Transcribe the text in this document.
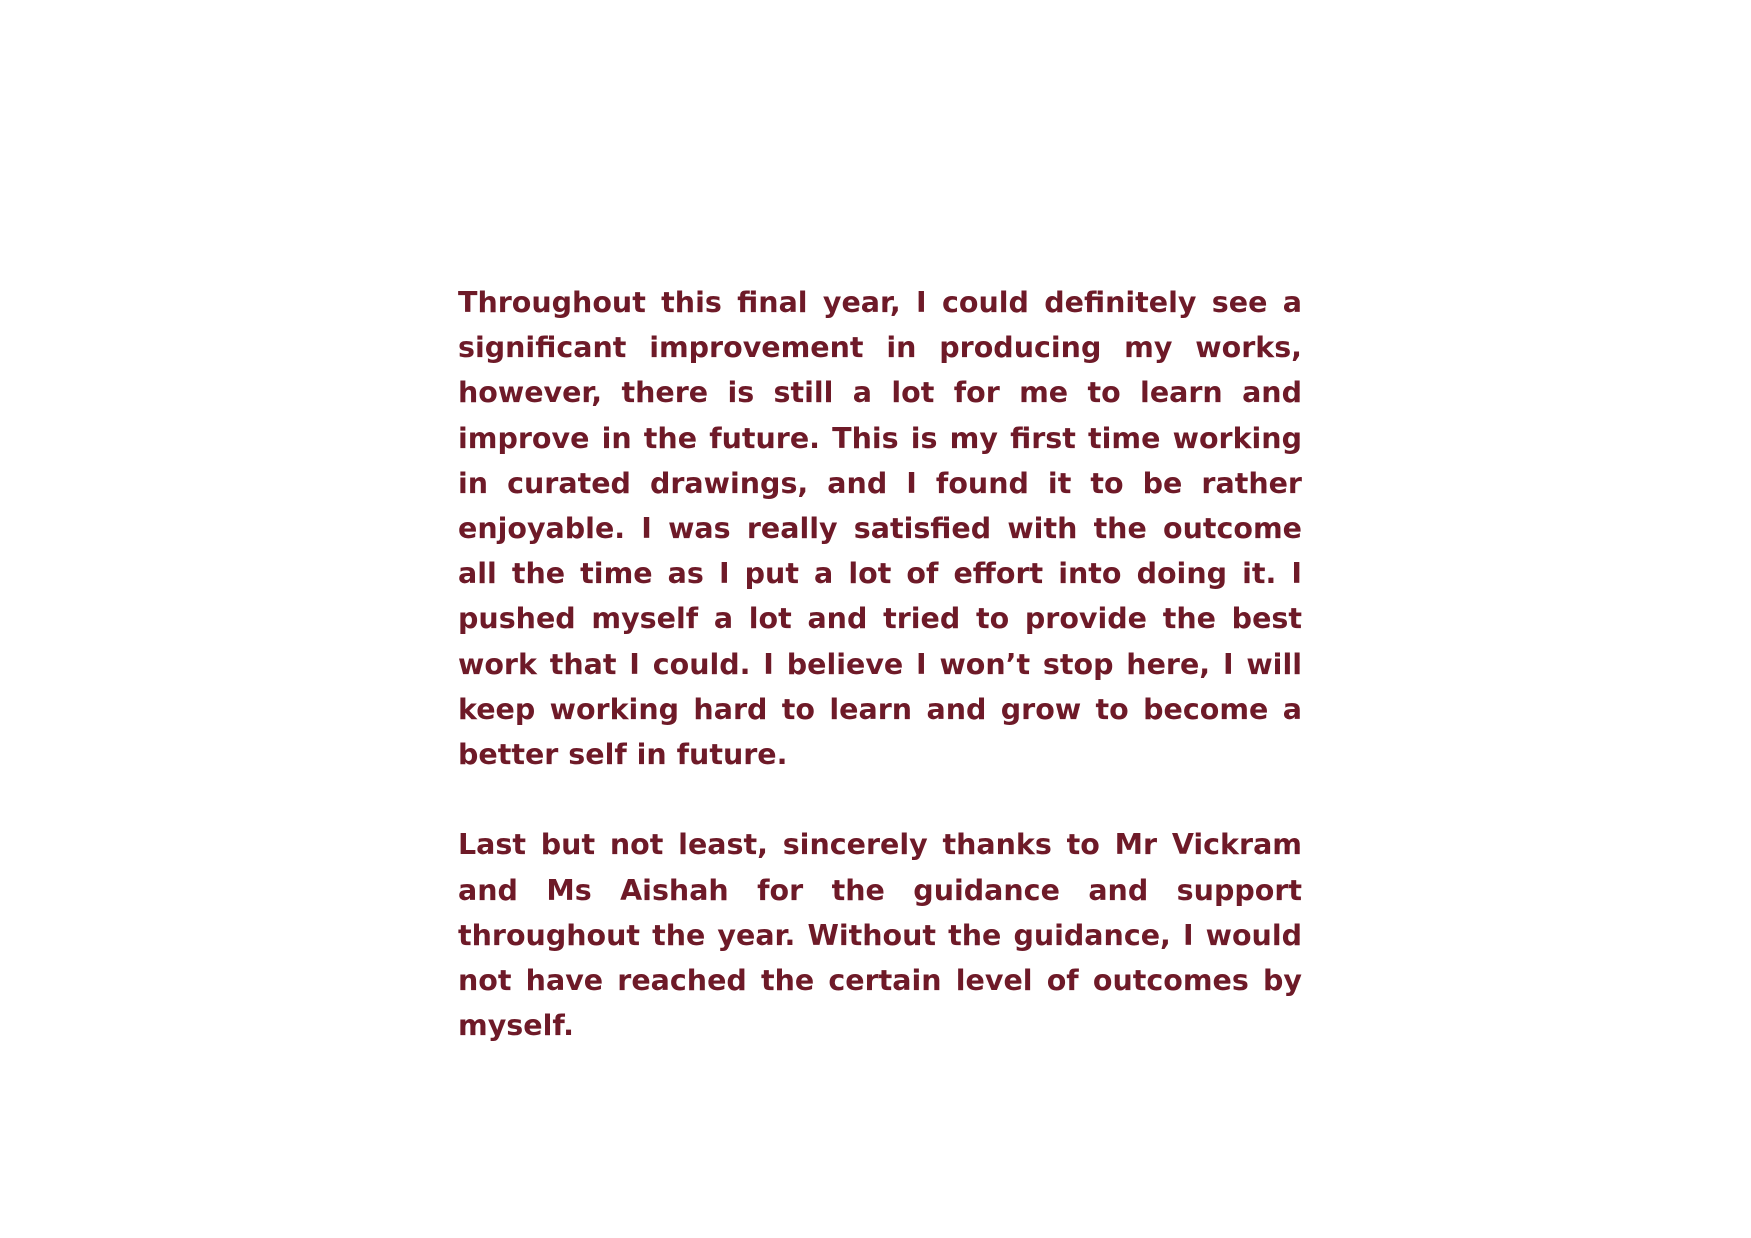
Throughout this final year, I could definitely see a significant improvement in producing my works, however, there is still a lot for me to learn and improve in the future. This is my first time working in curated drawings, and I found it to be rather enjoyable. I was really satisfied with the outcome all the time as I put a lot of effort into doing it. I pushed myself a lot and tried to provide the best work that I could. I believe I won’t stop here, I will keep working hard to learn and grow to become a better self in future.

Last but not least, sincerely thanks to Mr Vickram and Ms Aishah for the guidance and support throughout the year. Without the guidance, I would not have reached the certain level of outcomes by myself.
